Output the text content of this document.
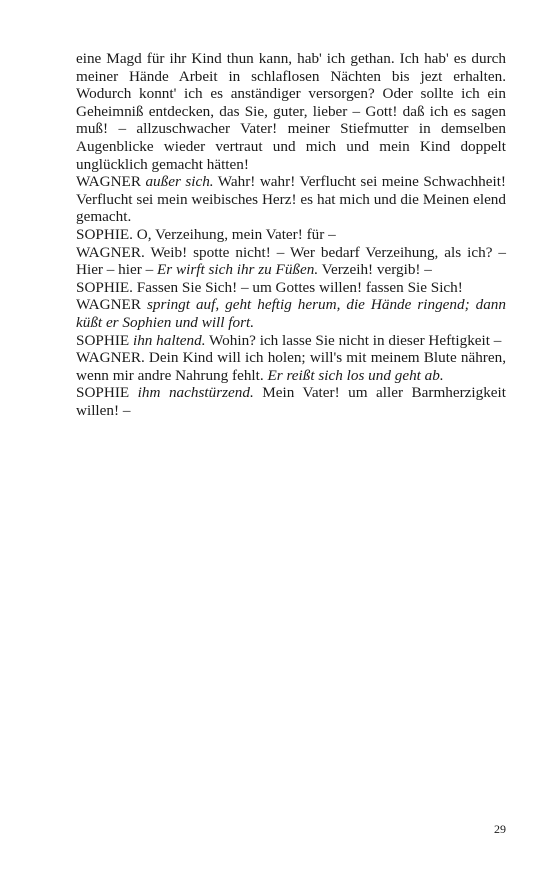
eine Magd für ihr Kind thun kann, hab' ich gethan. Ich hab' es durch meiner Hände Arbeit in schlaflosen Nächten bis jezt erhalten. Wodurch konnt' ich es anständiger versorgen? Oder sollte ich ein Geheimniß entdecken, das Sie, guter, lieber – Gott! daß ich es sagen muß! – allzuschwacher Vater! meiner Stiefmutter in demselben Augenblicke wieder vertraut und mich und mein Kind doppelt unglücklich gemacht hätten!

WAGNER außer sich. Wahr! wahr! Verflucht sei meine Schwachheit! Verflucht sei mein weibisches Herz! es hat mich und die Meinen elend gemacht.

SOPHIE. O, Verzeihung, mein Vater! für –

WAGNER. Weib! spotte nicht! – Wer bedarf Verzeihung, als ich? – Hier – hier – Er wirft sich ihr zu Füßen. Verzeih! vergib! –

SOPHIE. Fassen Sie Sich! – um Gottes willen! fassen Sie Sich!

WAGNER springt auf, geht heftig herum, die Hände ringend; dann küßt er Sophien und will fort.

SOPHIE ihn haltend. Wohin? ich lasse Sie nicht in dieser Heftigkeit –

WAGNER. Dein Kind will ich holen; will's mit meinem Blute nähren, wenn mir andre Nahrung fehlt. Er reißt sich los und geht ab.

SOPHIE ihm nachstürzend. Mein Vater! um aller Barmherzigkeit willen! –

29
